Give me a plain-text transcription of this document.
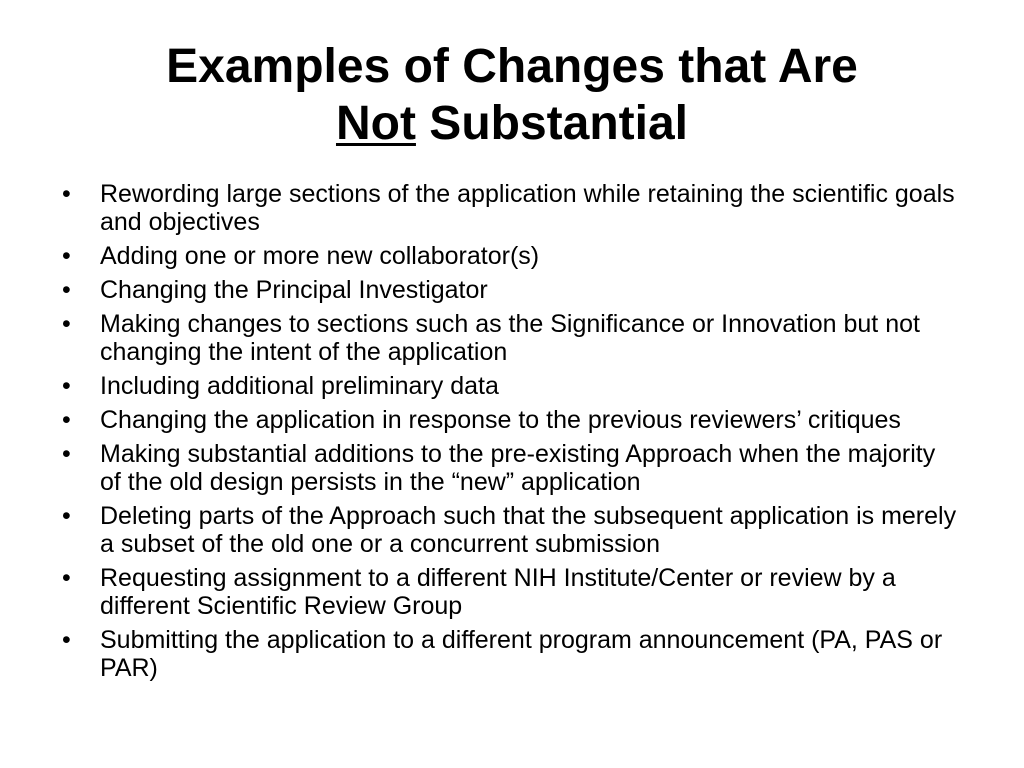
Examples of Changes that Are
Not Substantial
• Rewording large sections of the application while retaining the scientific goals and objectives
• Adding one or more new collaborator(s)
• Changing the Principal Investigator
• Making changes to sections such as the Significance or Innovation but not changing the intent of the application
• Including additional preliminary data
• Changing the application in response to the previous reviewers’ critiques
• Making substantial additions to the pre-existing Approach when the majority of the old design persists in the “new” application
• Deleting parts of the Approach such that the subsequent application is merely a subset of the old one or a concurrent submission
• Requesting assignment to a different NIH Institute/Center or review by a different Scientific Review Group
• Submitting the application to a different program announcement (PA, PAS or PAR)
